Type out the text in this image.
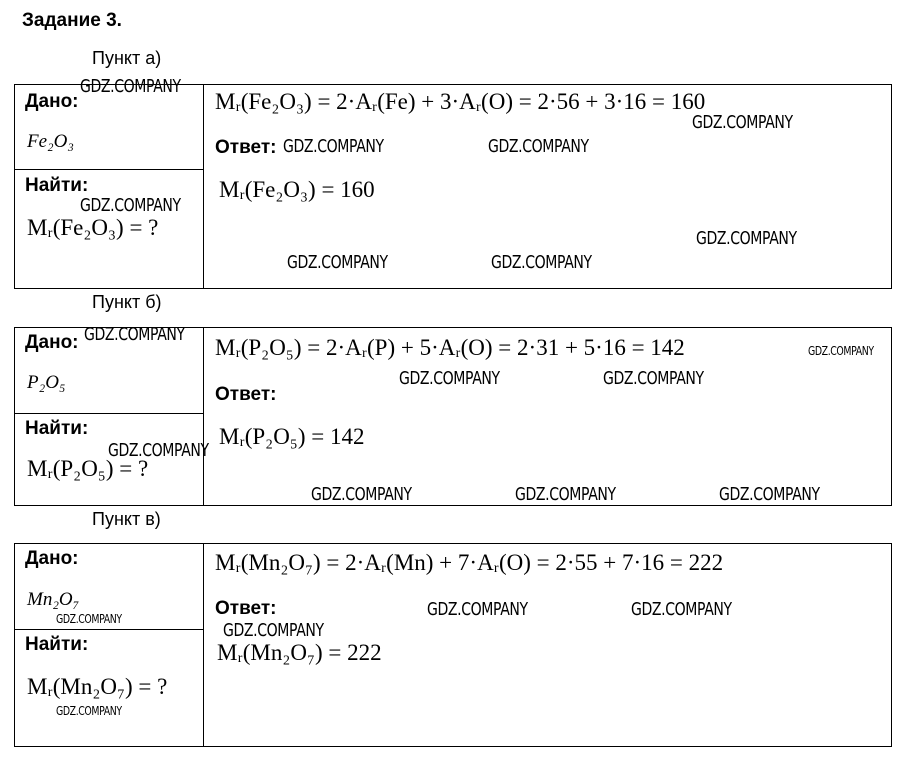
Задание 3.
Пункт а)
Дано:
Fe₂O₃
Найти:
Mᵣ(Fe₂O₃) = ?
Mᵣ(Fe₂O₃) = 2·Aᵣ(Fe) + 3·Aᵣ(O) = 2·56 + 3·16 = 160
Ответ:
Mᵣ(Fe₂O₃) = 160
Пункт б)
Дано:
P₂O₅
Найти:
Mᵣ(P₂O₅) = ?
Mᵣ(P₂O₅) = 2·Aᵣ(P) + 5·Aᵣ(O) = 2·31 + 5·16 = 142
Ответ:
Mᵣ(P₂O₅) = 142
Пункт в)
Дано:
Mn₂O₇
Найти:
Mᵣ(Mn₂O₇) = ?
Mᵣ(Mn₂O₇) = 2·Aᵣ(Mn) + 7·Aᵣ(O) = 2·55 + 7·16 = 222
Ответ:
Mᵣ(Mn₂O₇) = 222
GDZ.COMPANY
GDZ.COMPANY
GDZ.COMPANY	GDZ.COMPANY
GDZ.COMPANY
GDZ.COMPANY
GDZ.COMPANY	GDZ.COMPANY
GDZ.COMPANY
GDZ.COMPANY
GDZ.COMPANY	GDZ.COMPANY
GDZ.COMPANY
GDZ.COMPANY	GDZ.COMPANY	GDZ.COMPANY
GDZ.COMPANY	GDZ.COMPANY
GDZ.COMPANY
GDZ.COMPANY
GDZ.COMPANY
